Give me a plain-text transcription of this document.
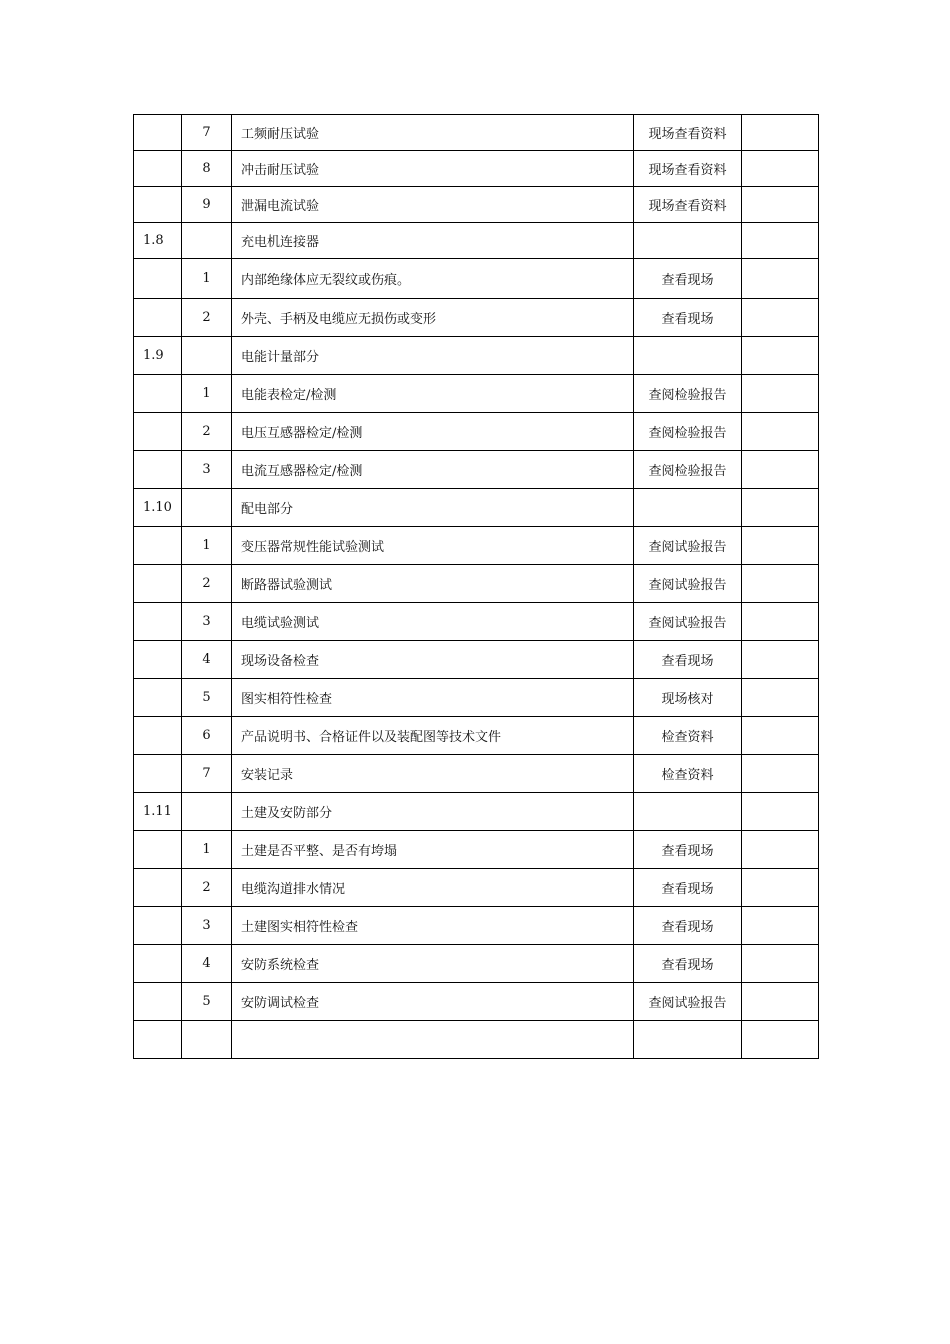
	7	工频耐压试验	现场查看资料	
	8	冲击耐压试验	现场查看资料	
	9	泄漏电流试验	现场查看资料	
1.8		充电机连接器		
	1	内部绝缘体应无裂纹或伤痕。	查看现场	
	2	外壳、手柄及电缆应无损伤或变形	查看现场	
1.9		电能计量部分		
	1	电能表检定/检测	查阅检验报告	
	2	电压互感器检定/检测	查阅检验报告	
	3	电流互感器检定/检测	查阅检验报告	
1.10		配电部分		
	1	变压器常规性能试验测试	查阅试验报告	
	2	断路器试验测试	查阅试验报告	
	3	电缆试验测试	查阅试验报告	
	4	现场设备检查	查看现场	
	5	图实相符性检查	现场核对	
	6	产品说明书、合格证件以及装配图等技术文件	检查资料	
	7	安装记录	检查资料	
1.11		土建及安防部分		
	1	土建是否平整、是否有垮塌	查看现场	
	2	电缆沟道排水情况	查看现场	
	3	土建图实相符性检查	查看现场	
	4	安防系统检查	查看现场	
	5	安防调试检查	查阅试验报告	
